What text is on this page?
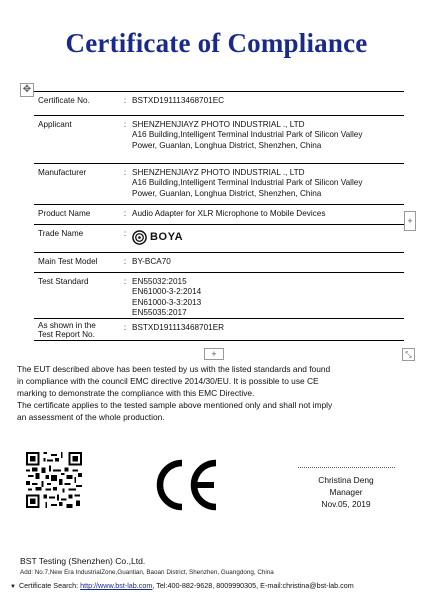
Certificate of Compliance
✥
Certificate No.	: BSTXD191113468701EC
Applicant	: SHENZHENJIAYZ PHOTO INDUSTRIAL ., LTD
A16 Building,Intelligent Terminal Industrial Park of Silicon Valley
Power, Guanlan, Longhua District, Shenzhen, China
Manufacturer	: SHENZHENJIAYZ PHOTO INDUSTRIAL ., LTD
A16 Building,Intelligent Terminal Industrial Park of Silicon Valley
Power, Guanlan, Longhua District, Shenzhen, China
Product Name	: Audio Adapter for XLR Microphone to Mobile Devices
Trade Name	:	BOYA
Main Test Model	: BY-BCA70
Test Standard	: EN55032:2015
EN61000-3-2:2014
EN61000-3-3:2013
EN55035:2017
As shown in the
Test Report No.
: BSTXD191113468701ER
+
+	⤡
The EUT described above has been tested by us with the listed standards and found
in compliance with the council EMC directive 2014/30/EU. It is possible to use CE
marking to demonstrate the compliance with this EMC Directive.
The certificate applies to the tested sample above mentioned only and shall not imply
an assessment of the whole production.
CE
Christina Deng
Manager
Nov.05, 2019
BST Testing (Shenzhen) Co.,Ltd.
Add: No.7,New Era IndustrialZone,Guantian, Baoan District, Shenzhen, Guangdong, China
▼ Certificate Search: http://www.bst-lab.com, Tel:400-882-9628, 8009990305, E-mail:christina@bst-lab.com
